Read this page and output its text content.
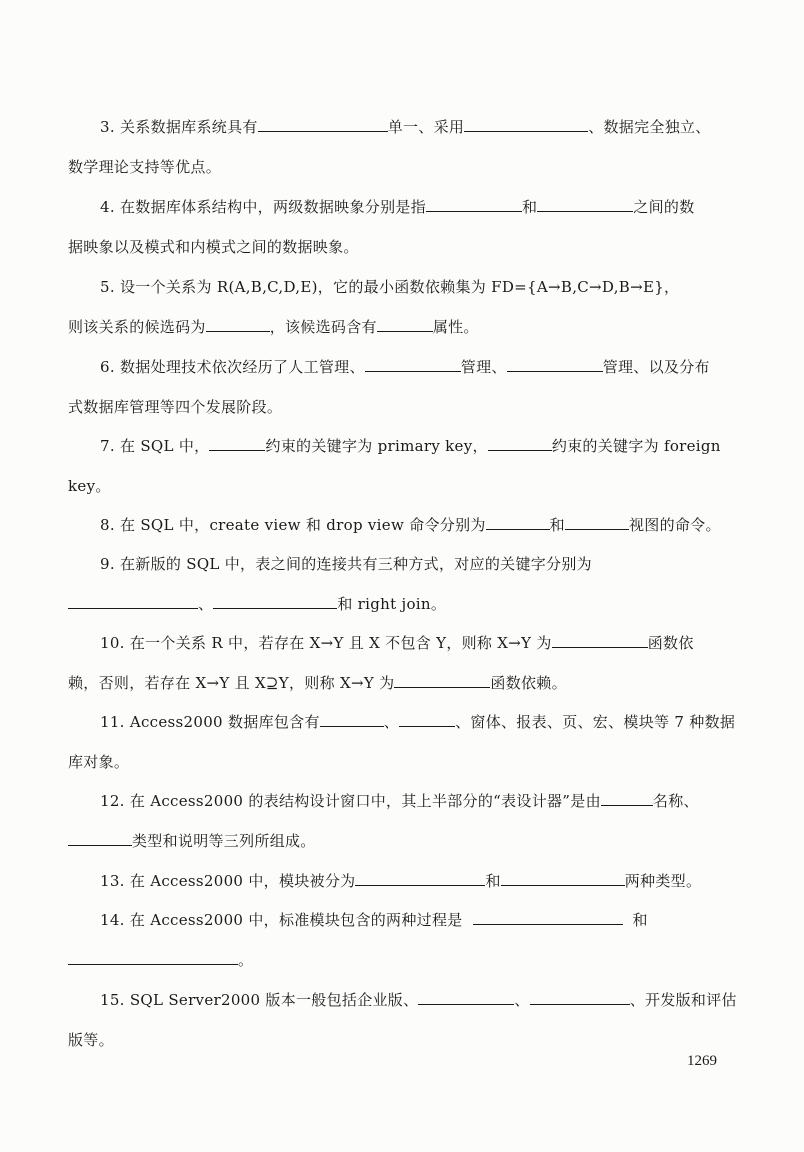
3. 关系数据库系统具有	单一、采用	、数据完全独立、
数学理论支持等优点。
4. 在数据库体系结构中，两级数据映象分别是指	和	之间的数
据映象以及模式和内模式之间的数据映象。
5. 设一个关系为 R(A,B,C,D,E)，它的最小函数依赖集为 FD={A→B,C→D,B→E}，
则该关系的候选码为	，该候选码含有	属性。
6. 数据处理技术依次经历了人工管理、	管理、	管理、以及分布
式数据库管理等四个发展阶段。
7. 在 SQL 中，	约束的关键字为 primary key，	约束的关键字为 foreign
key。
8. 在 SQL 中，create view 和 drop view 命令分别为	和	视图的命令。
9. 在新版的 SQL 中，表之间的连接共有三种方式，对应的关键字分别为
、	和 right join。
10. 在一个关系 R 中，若存在 X→Y 且 X 不包含 Y，则称 X→Y 为	函数依
赖，否则，若存在 X→Y 且 X⊇Y，则称 X→Y 为	函数依赖。
11. Access2000 数据库包含有	、	、窗体、报表、页、宏、模块等 7 种数据
库对象。
12. 在 Access2000 的表结构设计窗口中，其上半部分的“表设计器”是由	名称、
类型和说明等三列所组成。
13. 在 Access2000 中，模块被分为	和	两种类型。
14. 在 Access2000 中，标准模块包含的两种过程是	和
。
15. SQL Server2000 版本一般包括企业版、	、	、开发版和评估
版等。
1269
